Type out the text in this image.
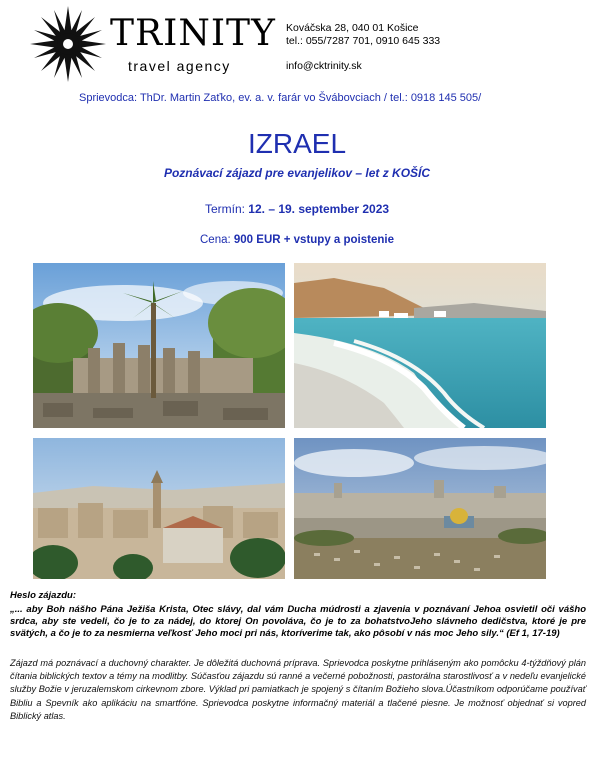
TRINITY
travel agency
Kováčska 28, 040 01 Košice
tel.: 055/7287 701, 0910 645 333
info@cktrinity.sk
Sprievodca: ThDr. Martin Zaťko, ev. a. v. farár vo Švábovciach / tel.: 0918 145 505/
IZRAEL
Poznávací zájazd pre evanjelikov – let z KOŠÍC
Termín: 12. – 19. september 2023
Cena: 900 EUR + vstupy a poistenie
Heslo zájazdu:
„... aby Boh nášho Pána Ježiša Krista, Otec slávy, dal vám Ducha múdrosti a zjavenia v poznávaní Jehoa osvietil oči vášho srdca, aby ste vedeli, čo je to za nádej, do ktorej On povoláva, čo je to za bohatstvoJeho slávneho dedičstva, ktoré je pre svätých, a čo je to za nesmierna veľkosť Jeho moci pri nás, ktoríverime tak, ako pôsobí v nás moc Jeho sily.“ (Ef 1, 17-19)
Zájazd má poznávací a duchovný charakter. Je dôležitá duchovná príprava. Sprievodca poskytne prihláseným ako pomôcku 4-týždňový plán čítania biblických textov a témy na modlitby. Súčasťou zájazdu sú ranné a večerné pobožnosti, pastorálna starostlivosť a v nedeľu evanjelické služby Božie v jeruzalemskom cirkevnom zbore. Výklad pri pamiatkach je spojený s čítaním Božieho slova.Účastníkom odporúčame používať Bibliu a Spevník ako aplikáciu na smartfóne. Sprievodca poskytne informačný materiál a tlačené piesne. Je možnosť objednať si vopred Biblický atlas.
